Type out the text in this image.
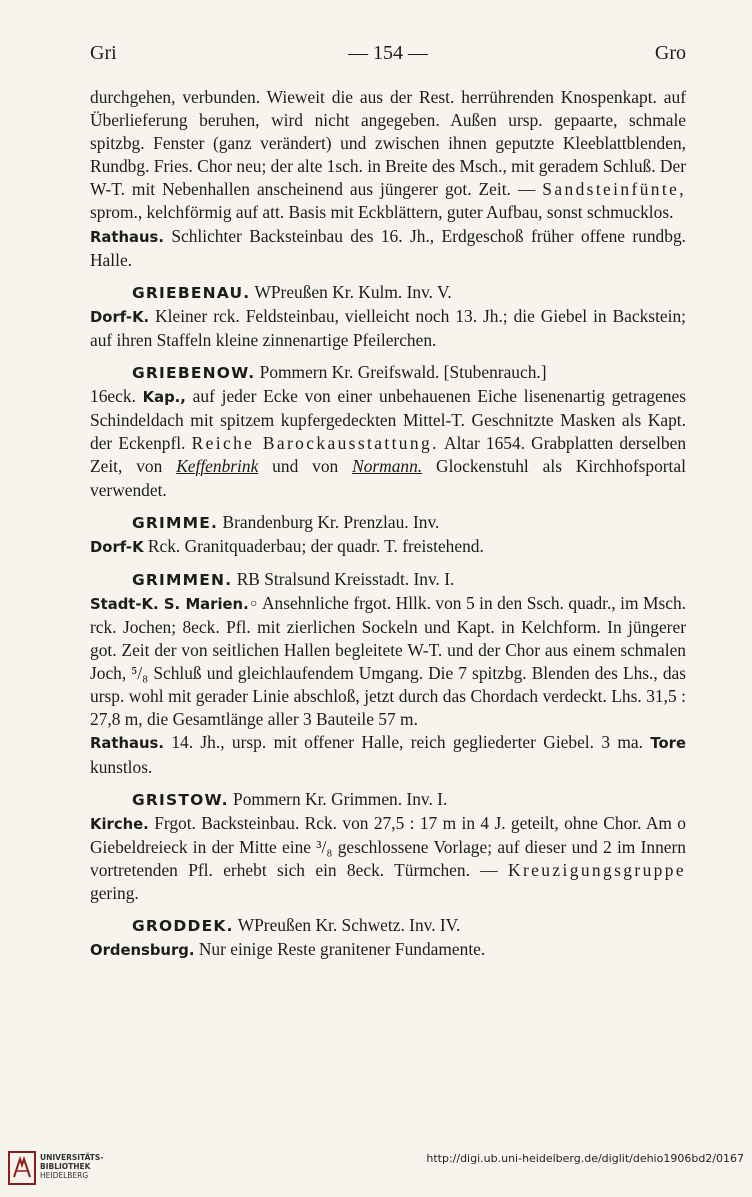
Gri	— 154 —	Gro

durchgehen, verbunden. Wieweit die aus der Rest. herrührenden Knospenkapt. auf Überlieferung beruhen, wird nicht angegeben. Außen ursp. gepaarte, schmale spitzbg. Fenster (ganz verändert) und zwischen ihnen geputzte Kleeblattblenden, Rundbg. Fries. Chor neu; der alte 1sch. in Breite des Msch., mit geradem Schluß. Der W-T. mit Nebenhallen anscheinend aus jüngerer got. Zeit. — Sandsteinfünte, sprom., kelchförmig auf att. Basis mit Eckblättern, guter Aufbau, sonst schmucklos.

Rathaus. Schlichter Backsteinbau des 16. Jh., Erdgeschoß früher offene rundbg. Halle.

GRIEBENAU. WPreußen Kr. Kulm. Inv. V.

Dorf-K. Kleiner rck. Feldsteinbau, vielleicht noch 13. Jh.; die Giebel in Backstein; auf ihren Staffeln kleine zinnenartige Pfeilerchen.

GRIEBENOW. Pommern Kr. Greifswald. [Stubenrauch.]

16eck. Kap., auf jeder Ecke von einer unbehauenen Eiche lisenenartig getragenes Schindeldach mit spitzem kupfergedeckten Mittel-T. Geschnitzte Masken als Kapt. der Eckenpfl. Reiche Barockausstattung. Altar 1654. Grabplatten derselben Zeit, von Keffenbrink und von Normann. Glockenstuhl als Kirchhofsportal verwendet.

GRIMME. Brandenburg Kr. Prenzlau. Inv.

Dorf-K Rck. Granitquaderbau; der quadr. T. freistehend.

GRIMMEN. RB Stralsund Kreisstadt. Inv. I.

Stadt-K. S. Marien.◦ Ansehnliche frgot. Hllk. von 5 in den Ssch. quadr., im Msch. rck. Jochen; 8eck. Pfl. mit zierlichen Sockeln und Kapt. in Kelchform. In jüngerer got. Zeit der von seitlichen Hallen begleitete W-T. und der Chor aus einem schmalen Joch, ⁵/₈ Schluß und gleichlaufendem Umgang. Die 7 spitzbg. Blenden des Lhs., das ursp. wohl mit gerader Linie abschloß, jetzt durch das Chordach verdeckt. Lhs. 31,5 : 27,8 m, die Gesamtlänge aller 3 Bauteile 57 m.

Rathaus. 14. Jh., ursp. mit offener Halle, reich gegliederter Giebel. 3 ma. Tore kunstlos.

GRISTOW. Pommern Kr. Grimmen. Inv. I.

Kirche. Frgot. Backsteinbau. Rck. von 27,5 : 17 m in 4 J. geteilt, ohne Chor. Am o Giebeldreieck in der Mitte eine ³/₈ geschlossene Vorlage; auf dieser und 2 im Innern vortretenden Pfl. erhebt sich ein 8eck. Türmchen. — Kreuzigungsgruppe gering.

GRODDEK. WPreußen Kr. Schwetz. Inv. IV.

Ordensburg. Nur einige Reste granitener Fundamente.

UNIVERSITÄTS-
BIBLIOTHEK
HEIDELBERG
http://digi.ub.uni-heidelberg.de/diglit/dehio1906bd2/0167
